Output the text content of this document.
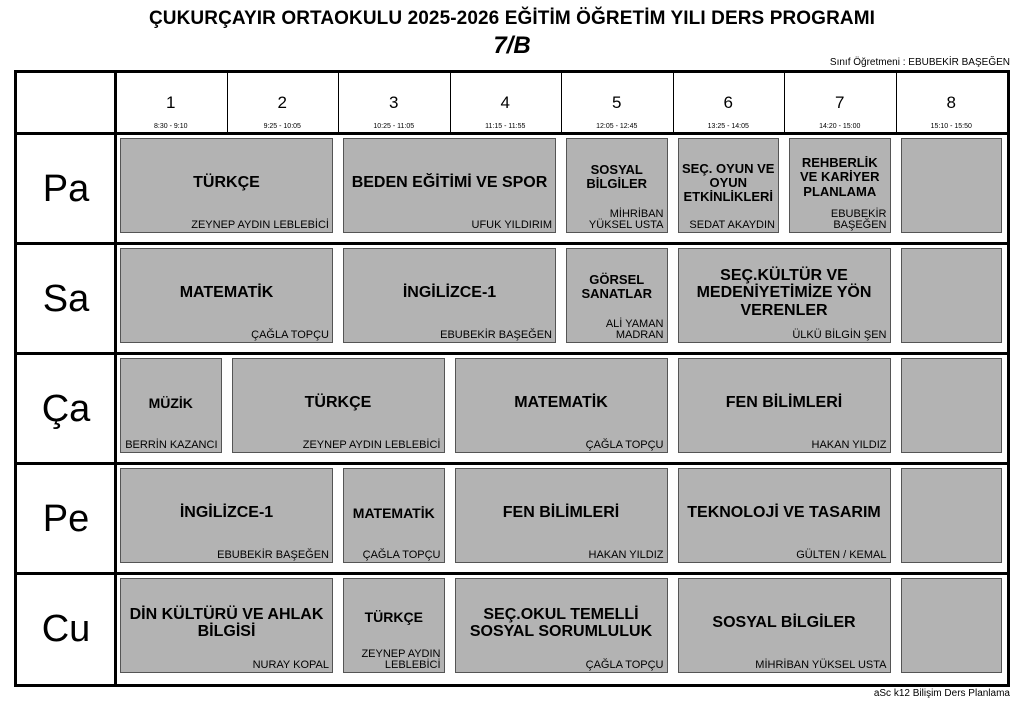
ÇUKURÇAYIR ORTAOKULU 2025-2026 EĞİTİM ÖĞRETİM YILI DERS PROGRAMI
7/B
Sınıf Öğretmeni : EBUBEKİR BAŞEĞEN
1
8:30 - 9:10
2
9:25 - 10:05
3
10:25 - 11:05
4
11:15 - 11:55
5
12:05 - 12:45
6
13:25 - 14:05
7
14:20 - 15:00
8
15:10 - 15:50
Pa
Sa
Ça
Pe
Cu
TÜRKÇE
ZEYNEP AYDIN LEBLEBİCİ
BEDEN EĞİTİMİ VE SPOR
UFUK YILDIRIM
SOSYAL BİLGİLER
MİHRİBAN YÜKSEL USTA
SEÇ. OYUN VE OYUN ETKİNLİKLERİ
SEDAT AKAYDIN
REHBERLİK VE KARİYER PLANLAMA
EBUBEKİR BAŞEĞEN
MATEMATİK
ÇAĞLA TOPÇU
İNGİLİZCE-1
EBUBEKİR BAŞEĞEN
GÖRSEL SANATLAR
ALİ YAMAN MADRAN
SEÇ.KÜLTÜR VE MEDENİYETİMİZE YÖN VERENLER
ÜLKÜ BİLGİN ŞEN
MÜZİK
BERRİN KAZANCI
TÜRKÇE
ZEYNEP AYDIN LEBLEBİCİ
MATEMATİK
ÇAĞLA TOPÇU
FEN BİLİMLERİ
HAKAN YILDIZ
İNGİLİZCE-1
EBUBEKİR BAŞEĞEN
MATEMATİK
ÇAĞLA TOPÇU
FEN BİLİMLERİ
HAKAN YILDIZ
TEKNOLOJİ VE TASARIM
GÜLTEN / KEMAL
DİN KÜLTÜRÜ VE AHLAK BİLGİSİ
NURAY KOPAL
TÜRKÇE
ZEYNEP AYDIN LEBLEBİCİ
SEÇ.OKUL TEMELLİ SOSYAL SORUMLULUK
ÇAĞLA TOPÇU
SOSYAL BİLGİLER
MİHRİBAN YÜKSEL USTA
aSc k12 Bilişim Ders Planlama
